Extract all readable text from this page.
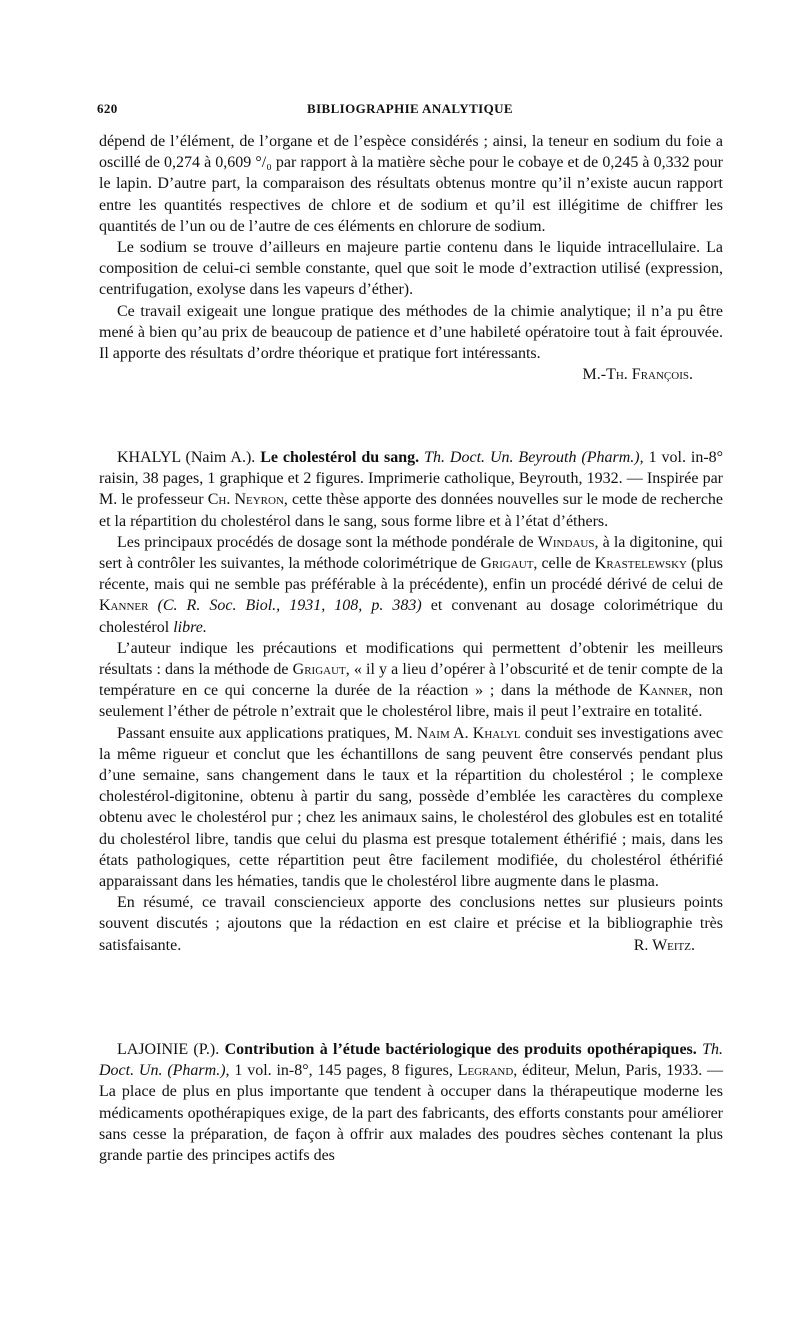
620	BIBLIOGRAPHIE ANALYTIQUE

dépend de l’élément, de l’organe et de l’espèce considérés ; ainsi, la teneur en sodium du foie a oscillé de 0,274 à 0,609 °/₀ par rapport à la matière sèche pour le cobaye et de 0,245 à 0,332 pour le lapin. D’autre part, la comparaison des résultats obtenus montre qu’il n’existe aucun rapport entre les quantités respectives de chlore et de sodium et qu’il est illégitime de chiffrer les quantités de l’un ou de l’autre de ces éléments en chlorure de sodium.

Le sodium se trouve d’ailleurs en majeure partie contenu dans le liquide intracellulaire. La composition de celui-ci semble constante, quel que soit le mode d’extraction utilisé (expression, centrifugation, exolyse dans les vapeurs d’éther).

Ce travail exigeait une longue pratique des méthodes de la chimie analytique; il n’a pu être mené à bien qu’au prix de beaucoup de patience et d’une habileté opératoire tout à fait éprouvée. Il apporte des résultats d’ordre théorique et pratique fort intéressants.

M.-Th. François.

KHALYL (Naim A.). Le cholestérol du sang. Th. Doct. Un. Beyrouth (Pharm.), 1 vol. in-8° raisin, 38 pages, 1 graphique et 2 figures. Imprimerie catholique, Beyrouth, 1932. — Inspirée par M. le professeur Ch. Neyron, cette thèse apporte des données nouvelles sur le mode de recherche et la répartition du cholestérol dans le sang, sous forme libre et à l’état d’éthers.

Les principaux procédés de dosage sont la méthode pondérale de Windaus, à la digitonine, qui sert à contrôler les suivantes, la méthode colorimétrique de Grigaut, celle de Krastelewsky (plus récente, mais qui ne semble pas préférable à la précédente), enfin un procédé dérivé de celui de Kanner (C. R. Soc. Biol., 1931, 108, p. 383) et convenant au dosage colorimétrique du cholestérol libre.

L’auteur indique les précautions et modifications qui permettent d’obtenir les meilleurs résultats : dans la méthode de Grigaut, « il y a lieu d’opérer à l’obscurité et de tenir compte de la température en ce qui concerne la durée de la réaction » ; dans la méthode de Kanner, non seulement l’éther de pétrole n’extrait que le cholestérol libre, mais il peut l’extraire en totalité.

Passant ensuite aux applications pratiques, M. Naim A. Khalyl conduit ses investigations avec la même rigueur et conclut que les échantillons de sang peuvent être conservés pendant plus d’une semaine, sans changement dans le taux et la répartition du cholestérol ; le complexe cholestérol-digitonine, obtenu à partir du sang, possède d’emblée les caractères du complexe obtenu avec le cholestérol pur ; chez les animaux sains, le cholestérol des globules est en totalité du cholestérol libre, tandis que celui du plasma est presque totalement éthérifié ; mais, dans les états pathologiques, cette répartition peut être facilement modifiée, du cholestérol éthérifié apparaissant dans les hématies, tandis que le cholestérol libre augmente dans le plasma.

En résumé, ce travail consciencieux apporte des conclusions nettes sur plusieurs points souvent discutés ; ajoutons que la rédaction en est claire et précise et la bibliographie très satisfaisante.	R. Weitz.

LAJOINIE (P.). Contribution à l’étude bactériologique des produits opothérapiques. Th. Doct. Un. (Pharm.), 1 vol. in-8°, 145 pages, 8 figures, Legrand, éditeur, Melun, Paris, 1933. — La place de plus en plus importante que tendent à occuper dans la thérapeutique moderne les médicaments opothérapiques exige, de la part des fabricants, des efforts constants pour améliorer sans cesse la préparation, de façon à offrir aux malades des poudres sèches contenant la plus grande partie des principes actifs des
